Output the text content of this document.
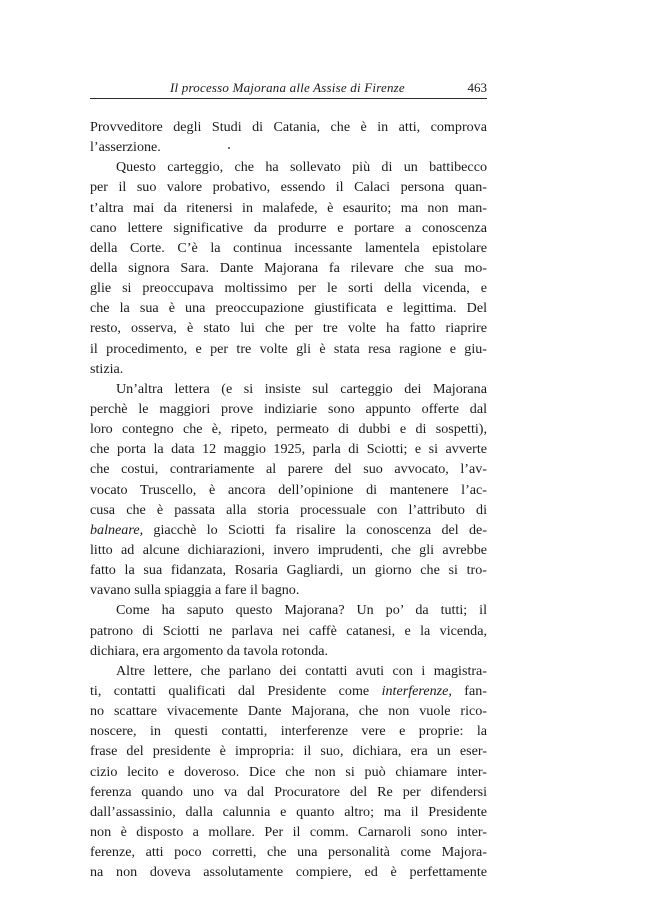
Il processo Majorana alle Assise di Firenze	463
Provveditore degli Studi di Catania, che è in atti, comprova
l’asserzione.
Questo carteggio, che ha sollevato più di un battibecco
per il suo valore probativo, essendo il Calaci persona quan-
t’altra mai da ritenersi in malafede, è esaurito; ma non man-
cano lettere significative da produrre e portare a conoscenza
della Corte. C’è la continua incessante lamentela epistolare
della signora Sara. Dante Majorana fa rilevare che sua mo-
glie si preoccupava moltissimo per le sorti della vicenda, e
che la sua è una preoccupazione giustificata e legittima. Del
resto, osserva, è stato lui che per tre volte ha fatto riaprire
il procedimento, e per tre volte gli è stata resa ragione e giu-
stizia.
Un’altra lettera (e si insiste sul carteggio dei Majorana
perchè le maggiori prove indiziarie sono appunto offerte dal
loro contegno che è, ripeto, permeato di dubbi e di sospetti),
che porta la data 12 maggio 1925, parla di Sciotti; e si avverte
che costui, contrariamente al parere del suo avvocato, l’av-
vocato Truscello, è ancora dell’opinione di mantenere l’ac-
cusa che è passata alla storia processuale con l’attributo di
balneare, giacchè lo Sciotti fa risalire la conoscenza del de-
litto ad alcune dichiarazioni, invero imprudenti, che gli avrebbe
fatto la sua fidanzata, Rosaria Gagliardi, un giorno che si tro-
vavano sulla spiaggia a fare il bagno.
Come ha saputo questo Majorana? Un po’ da tutti; il
patrono di Sciotti ne parlava nei caffè catanesi, e la vicenda,
dichiara, era argomento da tavola rotonda.
Altre lettere, che parlano dei contatti avuti con i magistra-
ti, contatti qualificati dal Presidente come interferenze, fan-
no scattare vivacemente Dante Majorana, che non vuole rico-
noscere, in questi contatti, interferenze vere e proprie: la
frase del presidente è impropria: il suo, dichiara, era un eser-
cizio lecito e doveroso. Dice che non si può chiamare inter-
ferenza quando uno va dal Procuratore del Re per difendersi
dall’assassinio, dalla calunnia e quanto altro; ma il Presidente
non è disposto a mollare. Per il comm. Carnaroli sono inter-
ferenze, atti poco corretti, che una personalità come Majora-
na non doveva assolutamente compiere, ed è perfettamente
